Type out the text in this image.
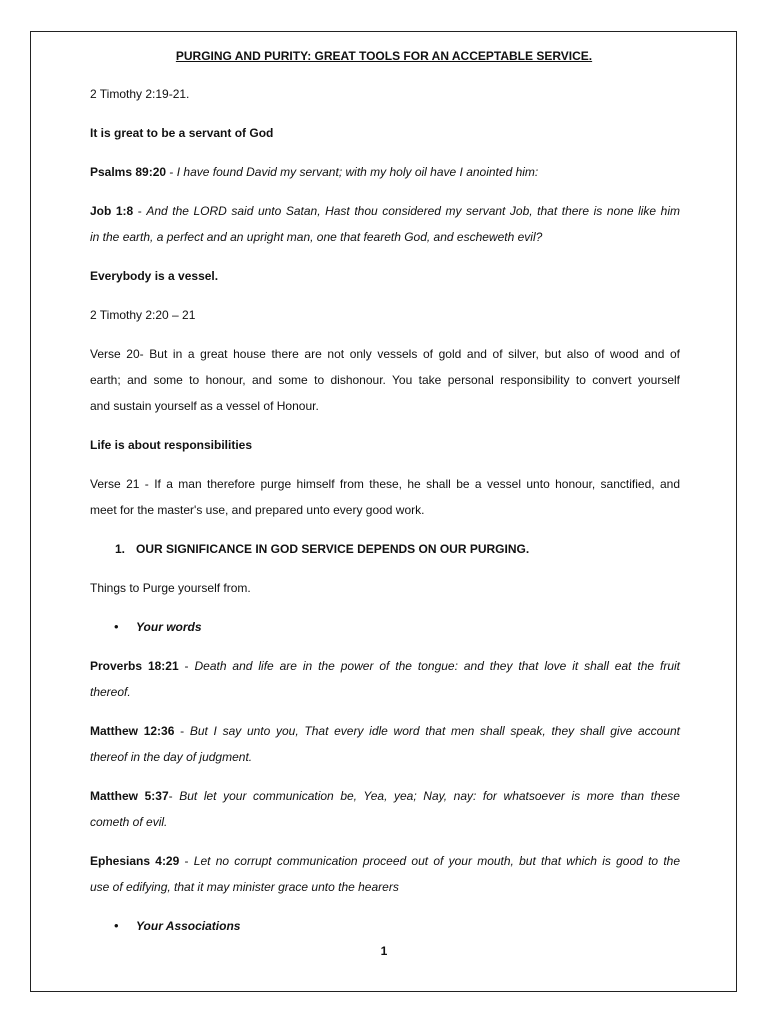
PURGING AND PURITY: GREAT TOOLS FOR AN ACCEPTABLE SERVICE.
2 Timothy 2:19-21.
It is great to be a servant of God
Psalms 89:20 - I have found David my servant; with my holy oil have I anointed him:
Job 1:8 - And the LORD said unto Satan, Hast thou considered my servant Job, that there is none like him
in the earth, a perfect and an upright man, one that feareth God, and escheweth evil?
Everybody is a vessel.
2 Timothy 2:20 – 21
Verse 20- But in a great house there are not only vessels of gold and of silver, but also of wood and of
earth; and some to honour, and some to dishonour. You take personal responsibility to convert yourself
and sustain yourself as a vessel of Honour.
Life is about responsibilities
Verse 21 - If a man therefore purge himself from these, he shall be a vessel unto honour, sanctified, and
meet for the master's use, and prepared unto every good work.
1. OUR SIGNIFICANCE IN GOD SERVICE DEPENDS ON OUR PURGING.
Things to Purge yourself from.
• Your words
Proverbs 18:21 - Death and life are in the power of the tongue: and they that love it shall eat the fruit
thereof.
Matthew 12:36 - But I say unto you, That every idle word that men shall speak, they shall give account
thereof in the day of judgment.
Matthew 5:37- But let your communication be, Yea, yea; Nay, nay: for whatsoever is more than these
cometh of evil.
Ephesians 4:29 - Let no corrupt communication proceed out of your mouth, but that which is good to the
use of edifying, that it may minister grace unto the hearers
• Your Associations
1
